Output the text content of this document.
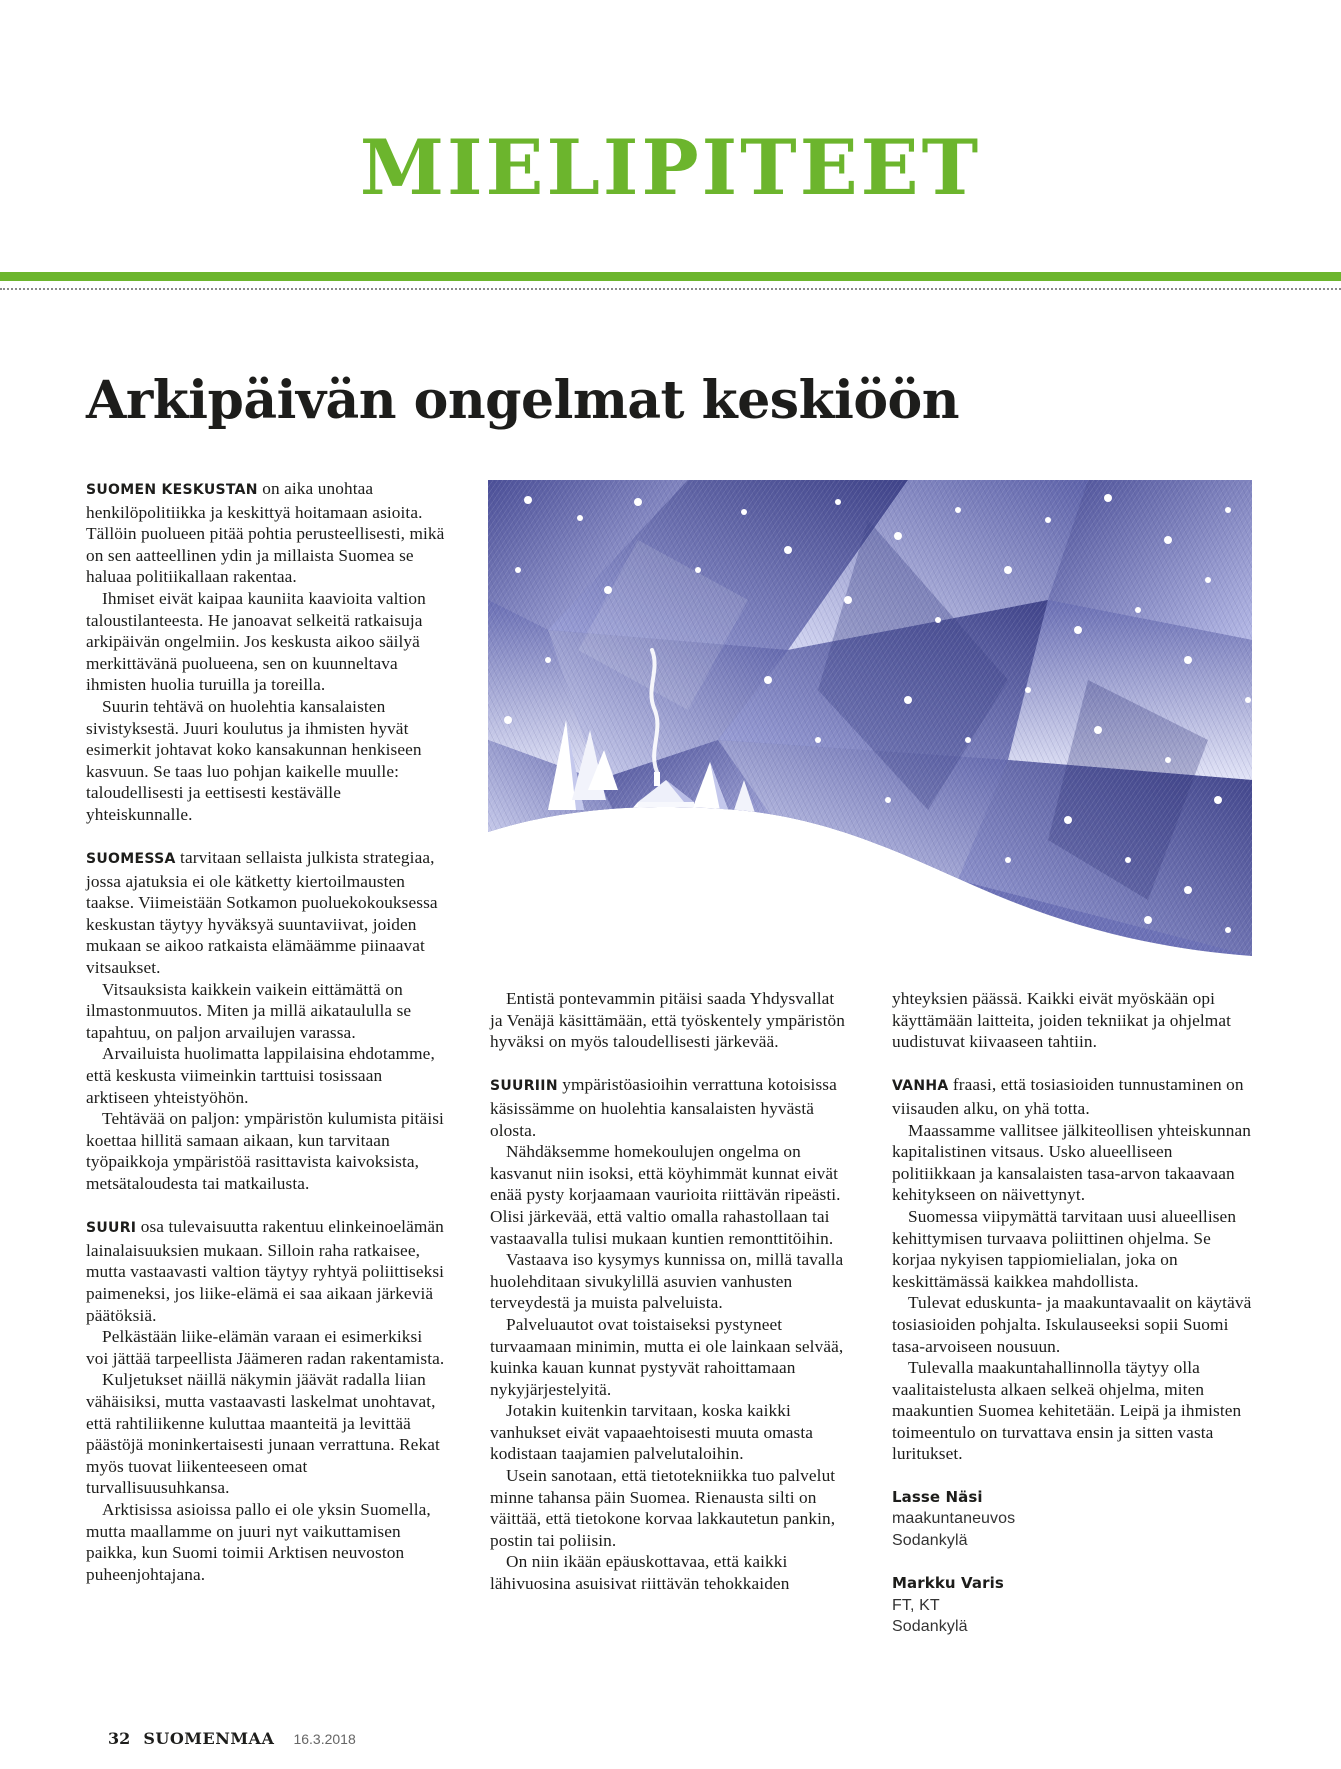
MIELIPITEET
Arkipäivän ongelmat keskiöön

SUOMEN KESKUSTAN on aika unohtaa henkilöpolitiikka ja keskittyä hoitamaan asioita. Tällöin puolueen pitää pohtia perusteellisesti, mikä on sen aatteellinen ydin ja millaista Suomea se haluaa politiikallaan rakentaa.

Ihmiset eivät kaipaa kauniita kaavioita valtion taloustilanteesta. He janoavat selkeitä ratkaisuja arkipäivän ongelmiin. Jos keskusta aikoo säilyä merkittävänä puolueena, sen on kuunneltava ihmisten huolia turuilla ja toreilla.

Suurin tehtävä on huolehtia kansalaisten sivistyksestä. Juuri koulutus ja ihmisten hyvät esimerkit johtavat koko kansakunnan henkiseen kasvuun. Se taas luo pohjan kaikelle muulle: taloudellisesti ja eettisesti kestävälle yhteiskunnalle.

SUOMESSA tarvitaan sellaista julkista strategiaa, jossa ajatuksia ei ole kätketty kiertoilmausten taakse. Viimeistään Sotkamon puoluekokouksessa keskustan täytyy hyväksyä suuntaviivat, joiden mukaan se aikoo ratkaista elämäämme piinaavat vitsaukset.

Vitsauksista kaikkein vaikein eittämättä on ilmastonmuutos. Miten ja millä aikataululla se tapahtuu, on paljon arvailujen varassa.

Arvailuista huolimatta lappilaisina ehdotamme, että keskusta viimeinkin tarttuisi tosissaan arktiseen yhteistyöhön.

Tehtävää on paljon: ympäristön kulumista pitäisi koettaa hillitä samaan aikaan, kun tarvitaan työpaikkoja ympäristöä rasittavista kaivoksista, metsätaloudesta tai matkailusta.

SUURI osa tulevaisuutta rakentuu elinkeinoelämän lainalaisuuksien mukaan. Silloin raha ratkaisee, mutta vastaavasti valtion täytyy ryhtyä poliittiseksi paimeneksi, jos liike-elämä ei saa aikaan järkeviä päätöksiä.

Pelkästään liike-elämän varaan ei esimerkiksi voi jättää tarpeellista Jäämeren radan rakentamista.

Kuljetukset näillä näkymin jäävät radalla liian vähäisiksi, mutta vastaavasti laskelmat unohtavat, että rahtiliikenne kuluttaa maanteitä ja levittää päästöjä moninkertaisesti junaan verrattuna. Rekat myös tuovat liikenteeseen omat turvallisuusuhkansa.

Arktisissa asioissa pallo ei ole yksin Suomella, mutta maallamme on juuri nyt vaikuttamisen paikka, kun Suomi toimii Arktisen neuvoston puheenjohtajana.

Entistä pontevammin pitäisi saada Yhdysvallat ja Venäjä käsittämään, että työskentely ympäristön hyväksi on myös taloudellisesti järkevää.

SUURIIN ympäristöasioihin verrattuna kotoisissa käsissämme on huolehtia kansalaisten hyvästä olosta.

Nähdäksemme homekoulujen ongelma on kasvanut niin isoksi, että köyhimmät kunnat eivät enää pysty korjaamaan vaurioita riittävän ripeästi. Olisi järkevää, että valtio omalla rahastollaan tai vastaavalla tulisi mukaan kuntien remonttitöihin.

Vastaava iso kysymys kunnissa on, millä tavalla huolehditaan sivukylillä asuvien vanhusten terveydestä ja muista palveluista.

Palveluautot ovat toistaiseksi pystyneet turvaamaan minimin, mutta ei ole lainkaan selvää, kuinka kauan kunnat pystyvät rahoittamaan nykyjärjestelyitä.

Jotakin kuitenkin tarvitaan, koska kaikki vanhukset eivät vapaaehtoisesti muuta omasta kodistaan taajamien palvelutaloihin.

Usein sanotaan, että tietotekniikka tuo palvelut minne tahansa päin Suomea. Rienausta silti on väittää, että tietokone korvaa lakkautetun pankin, postin tai poliisin.

On niin ikään epäuskottavaa, että kaikki lähivuosina asuisivat riittävän tehokkaiden

yhteyksien päässä. Kaikki eivät myöskään opi käyttämään laitteita, joiden tekniikat ja ohjelmat uudistuvat kiivaaseen tahtiin.

VANHA fraasi, että tosiasioiden tunnustaminen on viisauden alku, on yhä totta.

Maassamme vallitsee jälkiteollisen yhteiskunnan kapitalistinen vitsaus. Usko alueelliseen politiikkaan ja kansalaisten tasa-arvon takaavaan kehitykseen on näivettynyt.

Suomessa viipymättä tarvitaan uusi alueellisen kehittymisen turvaava poliittinen ohjelma. Se korjaa nykyisen tappiomielialan, joka on keskittämässä kaikkea mahdollista.

Tulevat eduskunta- ja maakuntavaalit on käytävä tosiasioiden pohjalta. Iskulauseeksi sopii Suomi tasa-arvoiseen nousuun.

Tulevalla maakuntahallinnolla täytyy olla vaalitaistelusta alkaen selkeä ohjelma, miten maakuntien Suomea kehitetään. Leipä ja ihmisten toimeentulo on turvattava ensin ja sitten vasta luritukset.

Lasse Näsi
maakuntaneuvos
Sodankylä
Markku Varis
FT, KT
Sodankylä
32 SUOMENMAA 16.3.2018
